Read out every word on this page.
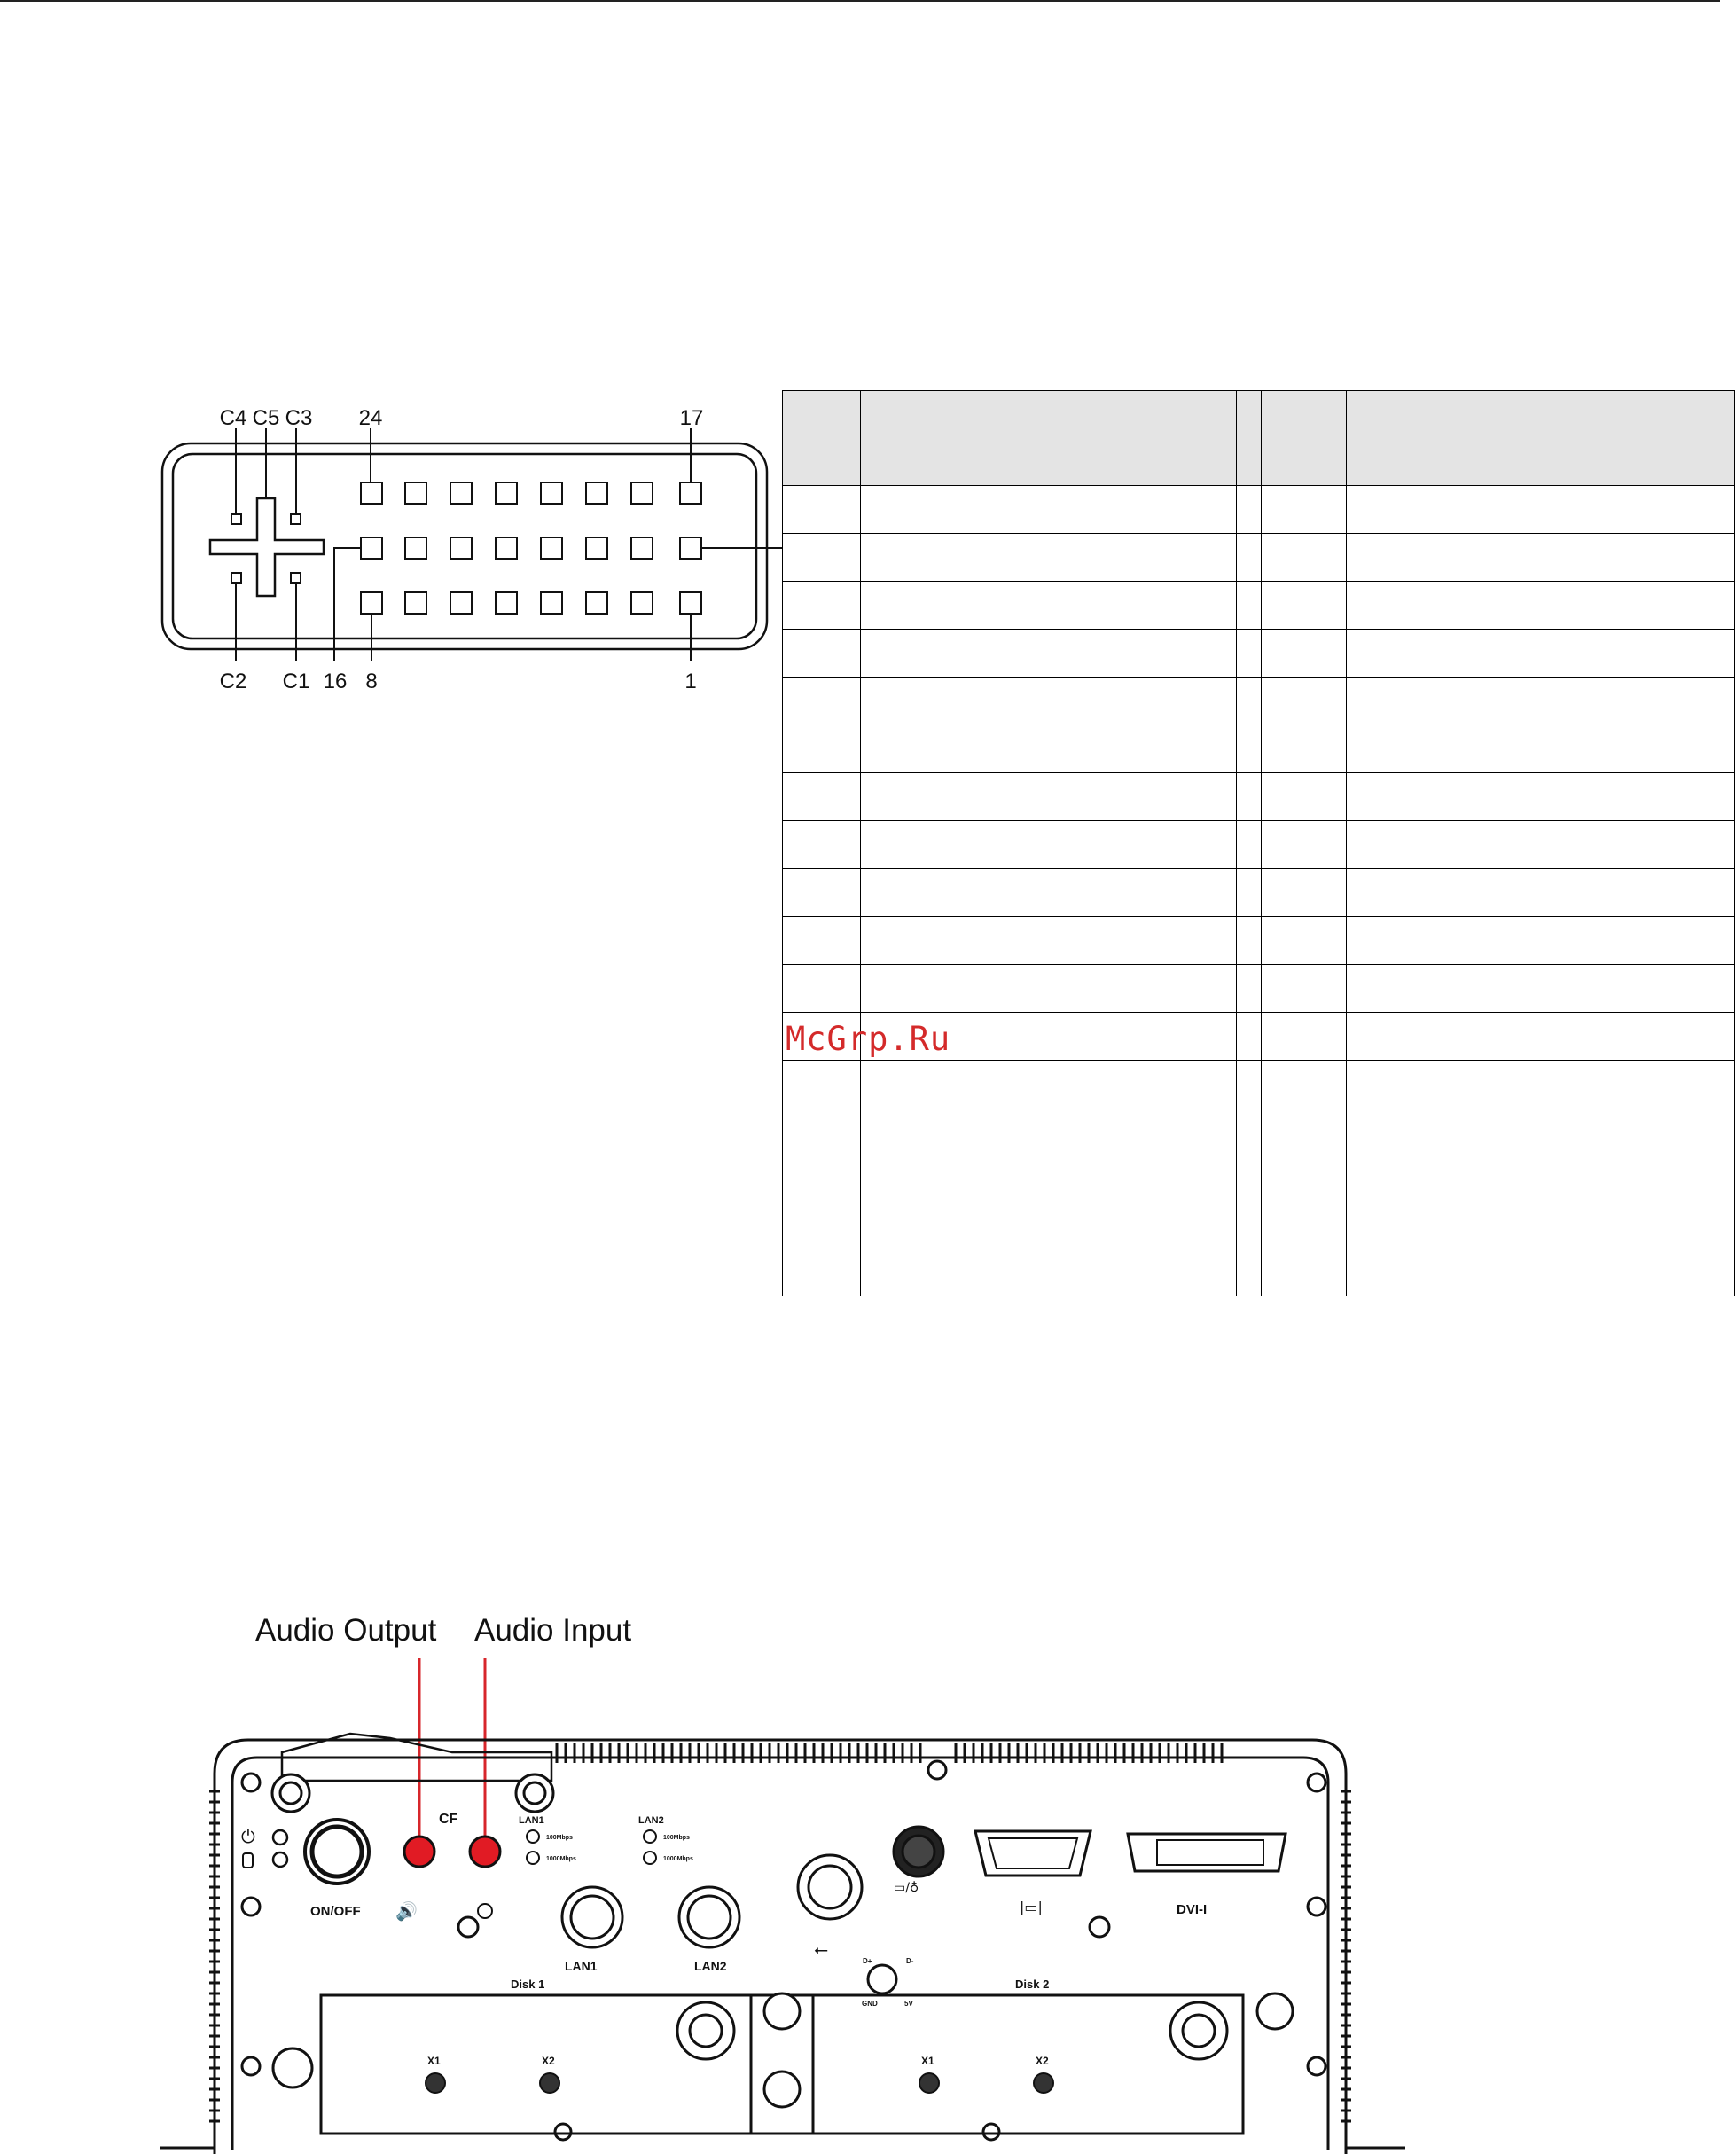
C4 C5 C3 24	17
C2 C1 16 8	1

McGrp.Ru
Audio Output Audio Input
CF
⏻
ON/OFF 🔊
LAN1	LAN2
100Mbps
1000Mbps
100Mbps
1000Mbps
LAN1	LAN2
DVI-I
Disk 1	Disk 2
⭠
▭/♁
D+	D-
GND	5V
|▭|
X1	X2	X1	X2
